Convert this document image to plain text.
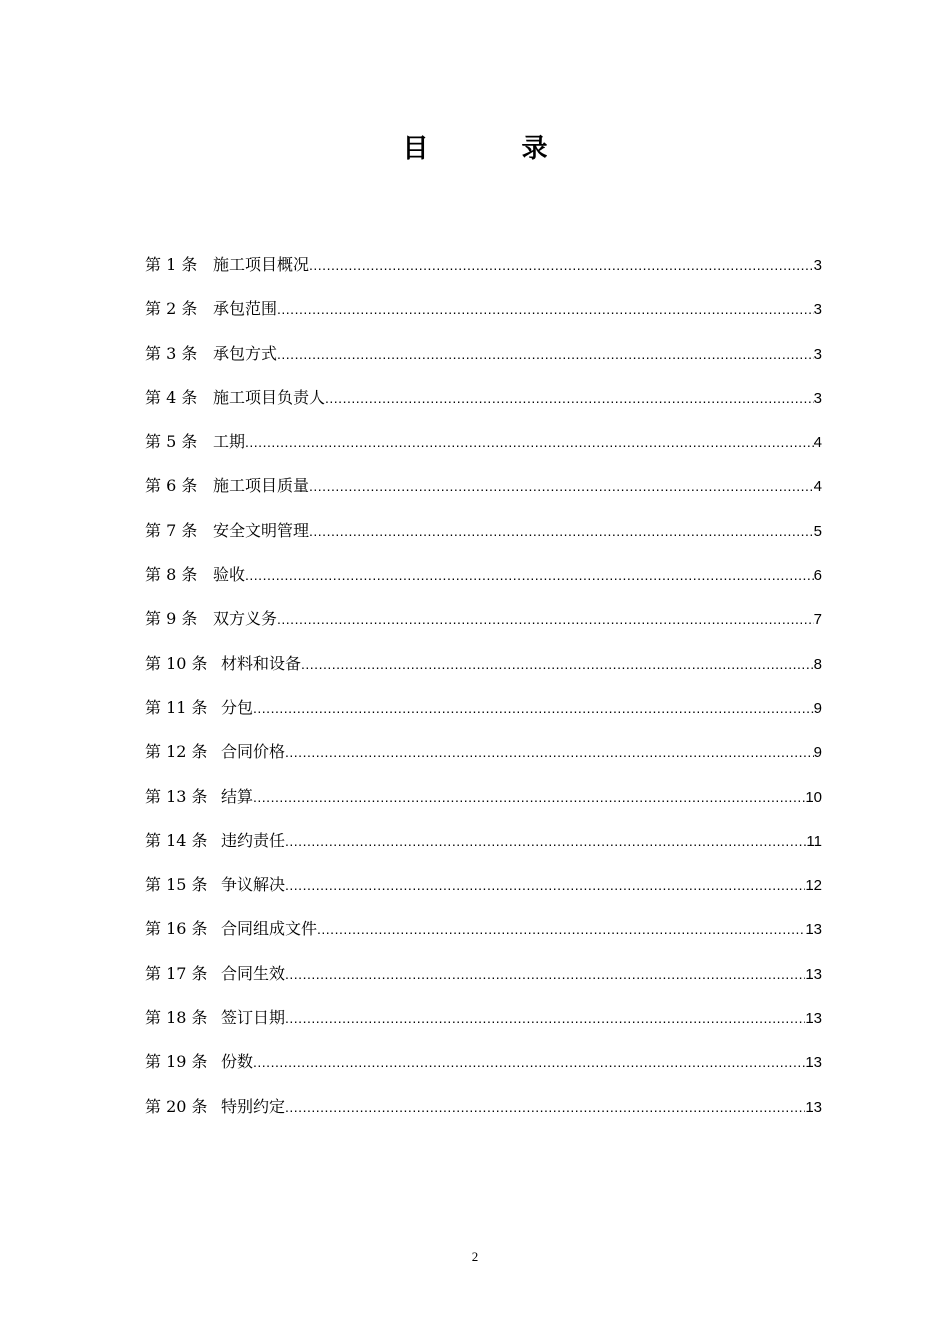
目 录
第 1 条 施工项目概况 .....	3
第 2 条 承包范围 .....	3
第 3 条 承包方式 .....	3
第 4 条 施工项目负责人 .....	3
第 5 条 工期 .....	4
第 6 条 施工项目质量 .....	4
第 7 条 安全文明管理 .....	5
第 8 条 验收 .....	6
第 9 条 双方义务 .....	7
第 10 条 材料和设备 .....	8
第 11 条 分包 .....	9
第 12 条 合同价格 .....	9
第 13 条 结算 .....	10
第 14 条 违约责任 .....	11
第 15 条 争议解决 .....	12
第 16 条 合同组成文件 .....	13
第 17 条 合同生效 .....	13
第 18 条 签订日期 .....	13
第 19 条 份数 .....	13
第 20 条 特别约定 .....	13
2
